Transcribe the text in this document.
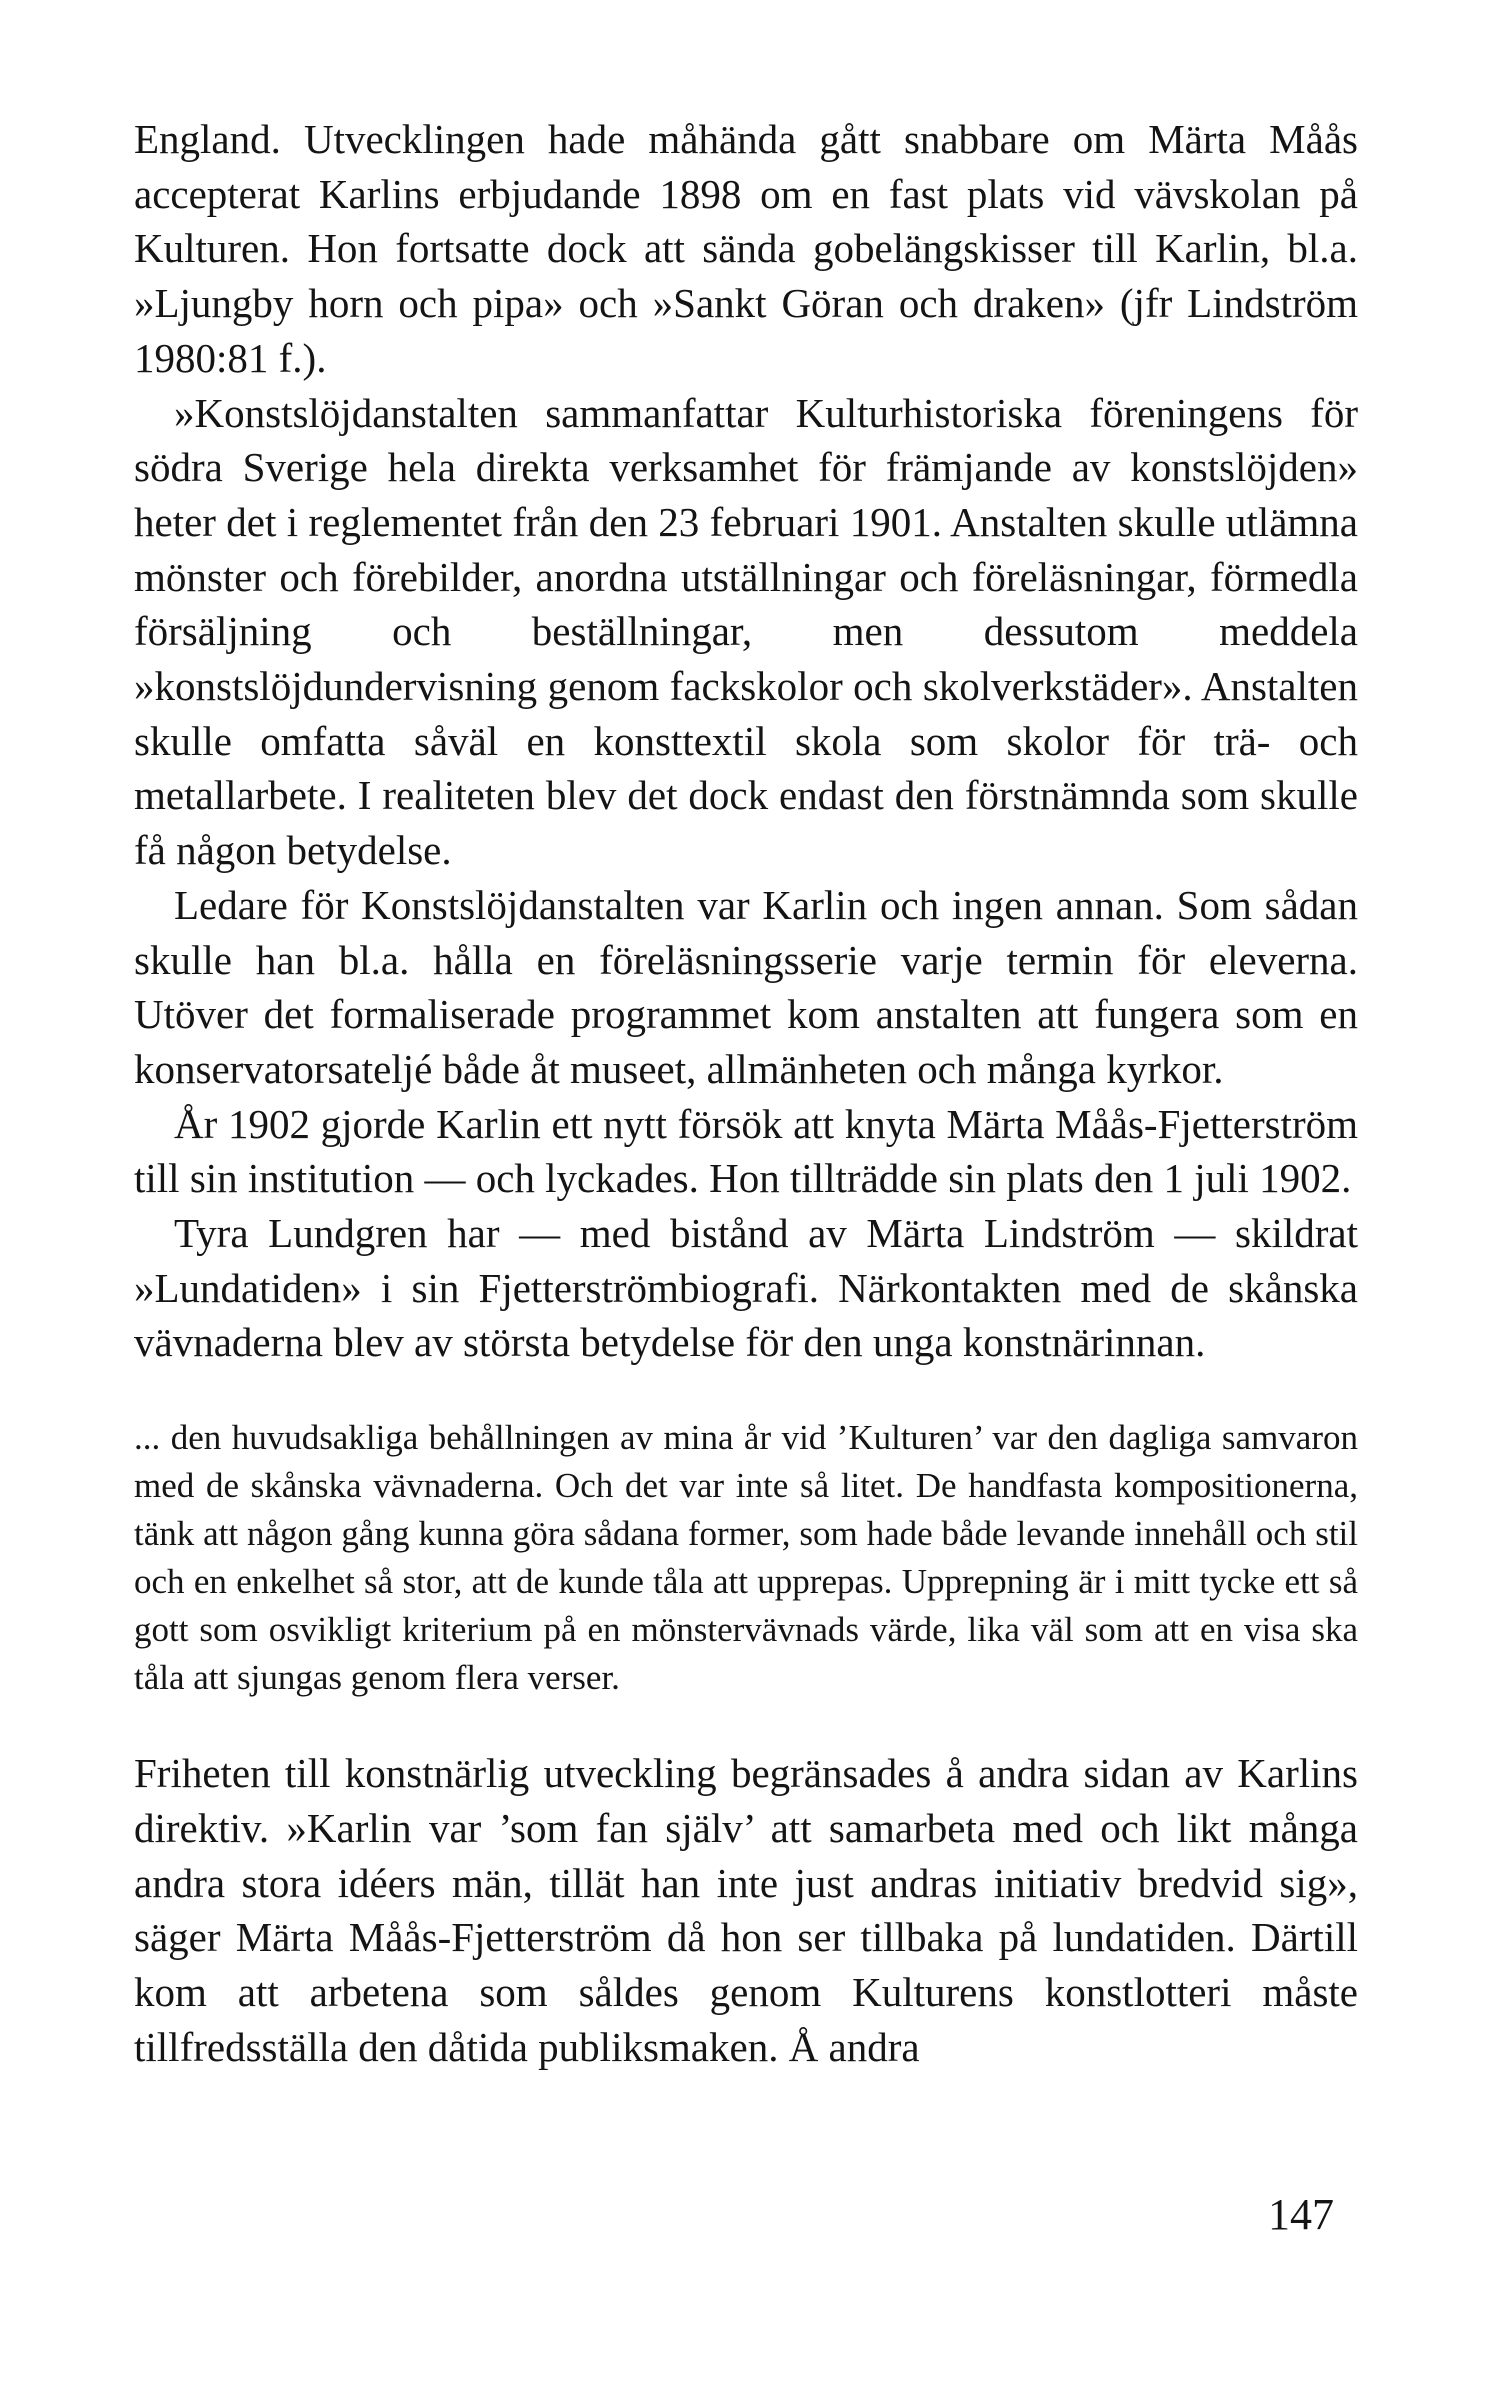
England. Utvecklingen hade måhända gått snabbare om Märta Måås accepterat Karlins erbjudande 1898 om en fast plats vid vävskolan på Kulturen. Hon fortsatte dock att sända gobelängskisser till Karlin, bl.a. »Ljungby horn och pipa» och »Sankt Göran och draken» (jfr Lindström 1980:81 f.).

»Konstslöjdanstalten sammanfattar Kulturhistoriska föreningens för södra Sverige hela direkta verksamhet för främjande av konstslöjden» heter det i reglementet från den 23 februari 1901. Anstalten skulle utlämna mönster och förebilder, anordna utställningar och föreläsningar, förmedla försäljning och beställningar, men dessutom meddela »konstslöjdundervisning genom fackskolor och skolverkstäder». Anstalten skulle omfatta såväl en konsttextil skola som skolor för trä- och metallarbete. I realiteten blev det dock endast den förstnämnda som skulle få någon betydelse.

Ledare för Konstslöjdanstalten var Karlin och ingen annan. Som sådan skulle han bl.a. hålla en föreläsningsserie varje termin för eleverna. Utöver det formaliserade programmet kom anstalten att fungera som en konservatorsateljé både åt museet, allmänheten och många kyrkor.

År 1902 gjorde Karlin ett nytt försök att knyta Märta Måås-Fjetterström till sin institution — och lyckades. Hon tillträdde sin plats den 1 juli 1902.

Tyra Lundgren har — med bistånd av Märta Lindström — skildrat »Lundatiden» i sin Fjetterströmbiografi. Närkontakten med de skånska vävnaderna blev av största betydelse för den unga konstnärinnan.

... den huvudsakliga behållningen av mina år vid ’Kulturen’ var den dagliga samvaron med de skånska vävnaderna. Och det var inte så litet. De handfasta kompositionerna, tänk att någon gång kunna göra sådana former, som hade både levande innehåll och stil och en enkelhet så stor, att de kunde tåla att upprepas. Upprepning är i mitt tycke ett så gott som osvikligt kriterium på en mönstervävnads värde, lika väl som att en visa ska tåla att sjungas genom flera verser.

Friheten till konstnärlig utveckling begränsades å andra sidan av Karlins direktiv. »Karlin var ’som fan själv’ att samarbeta med och likt många andra stora idéers män, tillät han inte just andras initiativ bredvid sig», säger Märta Måås-Fjetterström då hon ser tillbaka på lundatiden. Därtill kom att arbetena som såldes genom Kulturens konstlotteri måste tillfredsställa den dåtida publiksmaken. Å andra

147
